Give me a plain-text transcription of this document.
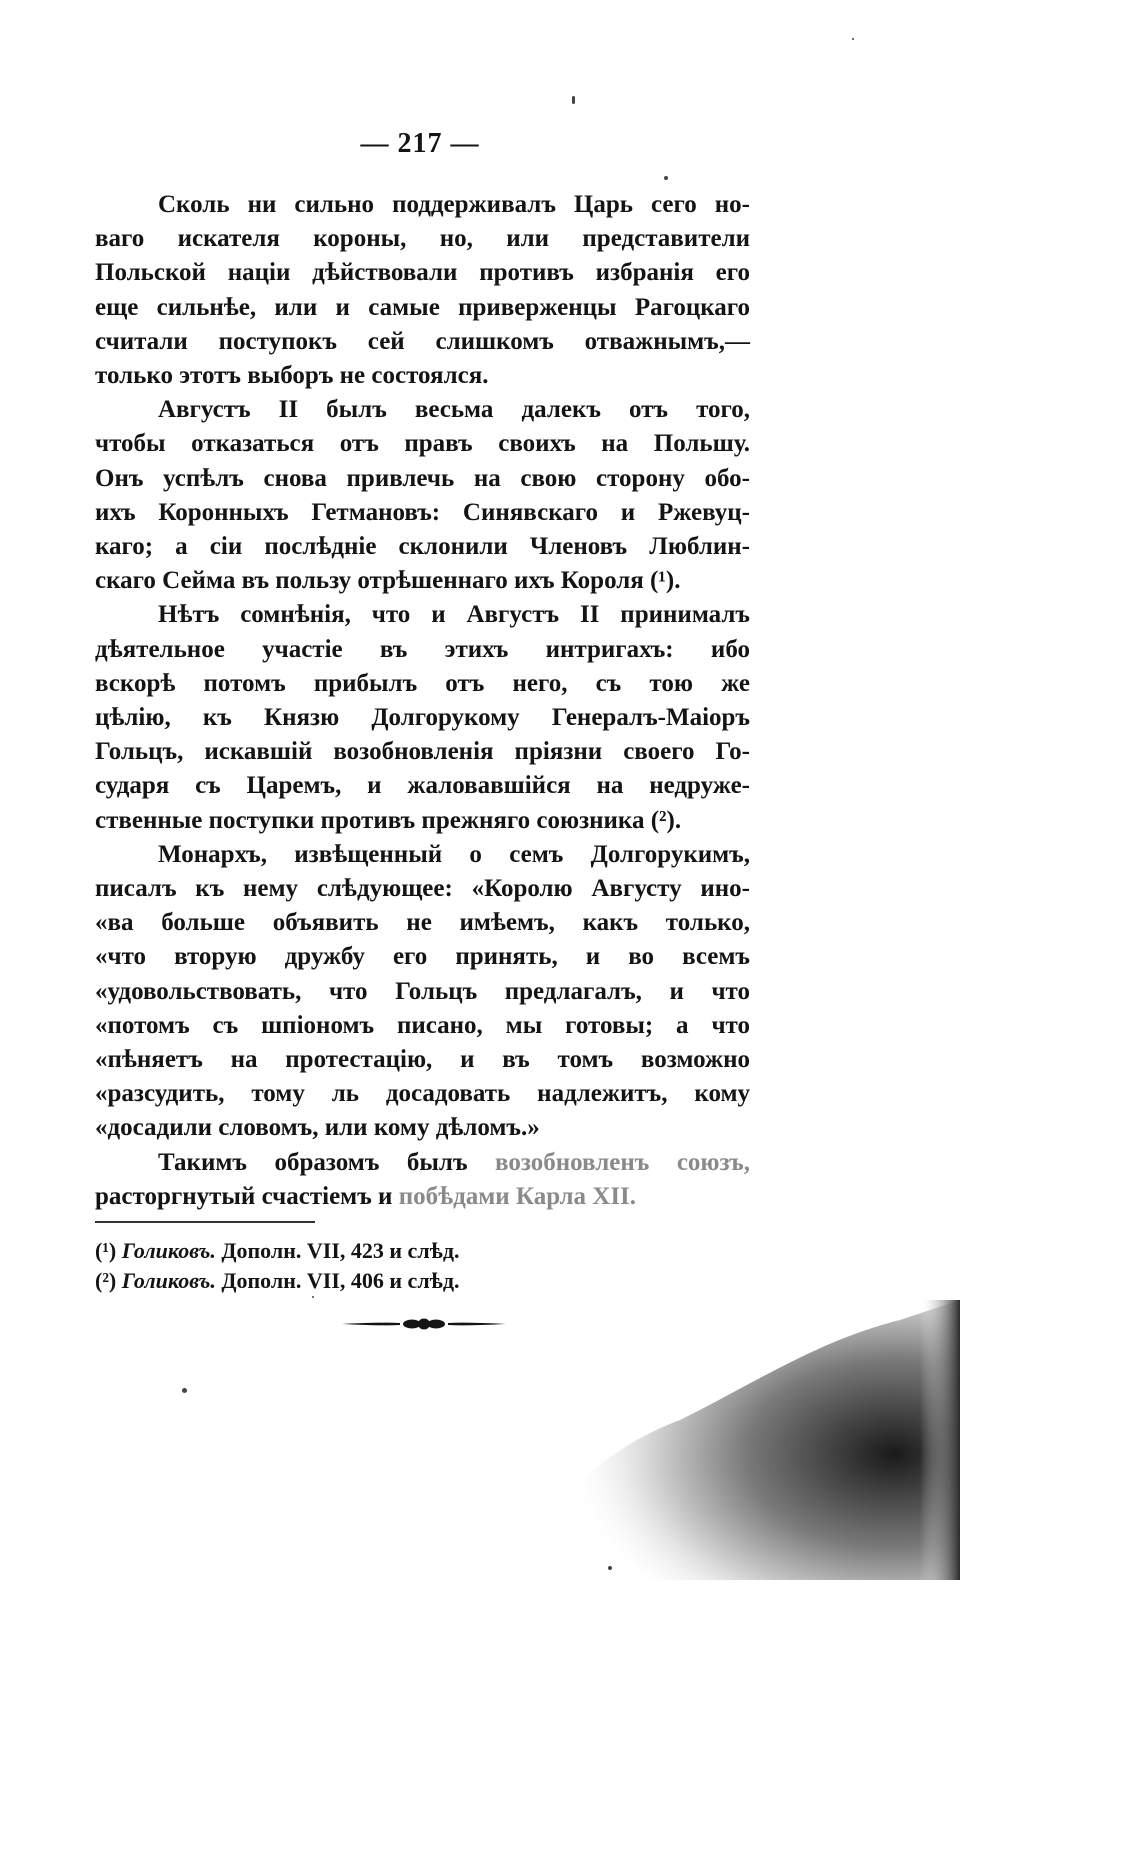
— 217 —
Сколь ни сильно поддерживалъ Царь сего но-
ваго искателя короны, но, или представители
Польской націи дѣйствовали противъ избранія его
еще сильнѣе, или и самые приверженцы Рагоцкаго
считали поступокъ сей слишкомъ отважнымъ,—
только этотъ выборъ не состоялся.
Августъ II былъ весьма далекъ отъ того,
чтобы отказаться отъ правъ своихъ на Польшу.
Онъ успѣлъ снова привлечь на свою сторону обо-
ихъ Коронныхъ Гетмановъ: Синявскаго и Ржевуц-
каго; а сіи послѣдніе склонили Членовъ Люблин-
скаго Сейма въ пользу отрѣшеннаго ихъ Короля (¹).
Нѣтъ сомнѣнія, что и Августъ II принималъ
дѣятельное участіе въ этихъ интригахъ: ибо
вскорѣ потомъ прибылъ отъ него, съ тою же
цѣлію, къ Князю Долгорукому Генералъ-Маіоръ
Гольцъ, искавшій возобновленія пріязни своего Го-
сударя съ Царемъ, и жаловавшійся на недруже-
ственные поступки противъ прежняго союзника (²).
Монархъ, извѣщенный о семъ Долгорукимъ,
писалъ къ нему слѣдующее: «Королю Августу ино-
«ва больше объявить не имѣемъ, какъ только,
«что вторую дружбу его принять, и во всемъ
«удовольствовать, что Гольцъ предлагалъ, и что
«потомъ съ шпіономъ писано, мы готовы; а что
«пѣняетъ на протестацію, и въ томъ возможно
«разсудить, тому ль досадовать надлежитъ, кому
«досадили словомъ, или кому дѣломъ.»
Такимъ образомъ былъ возобновленъ союзъ,
расторгнутый счастіемъ и побѣдами Карла XII.
(¹) Голиковъ. Дополн. VII, 423 и слѣд.
(²) Голиковъ. Дополн. VII, 406 и слѣд.
